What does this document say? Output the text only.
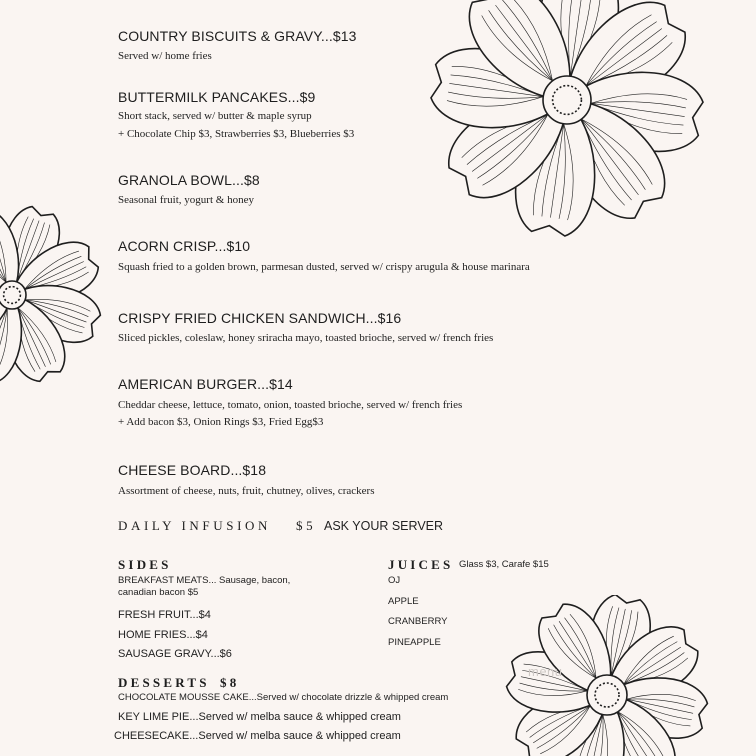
COUNTRY BISCUITS & GRAVY...$13

Served w/ home fries

BUTTERMILK PANCAKES...$9

Short stack, served w/ butter & maple syrup

+ Chocolate Chip $3, Strawberries $3, Blueberries $3

GRANOLA BOWL...$8

Seasonal fruit, yogurt & honey

ACORN CRISP...$10

Squash fried to a golden brown, parmesan dusted, served w/ crispy arugula & house marinara

CRISPY FRIED CHICKEN SANDWICH...$16

Sliced pickles, coleslaw, honey sriracha mayo, toasted brioche, served w/ french fries

AMERICAN BURGER...$14

Cheddar cheese, lettuce, tomato, onion, toasted brioche, served w/ french fries

+ Add bacon $3, Onion Rings $3, Fried Egg$3

CHEESE BOARD...$18

Assortment of cheese, nuts, fruit, chutney, olives, crackers

DAILY INFUSION $5 ASK YOUR SERVER

SIDES

BREAKFAST MEATS... Sausage, bacon,

canadian bacon $5

FRESH FRUIT...$4

HOME FRIES...$4

SAUSAGE GRAVY...$6

JUICES Glass $3, Carafe $15

OJ

APPLE

CRANBERRY

PINEAPPLE

menu

DESSERTS $8

CHOCOLATE MOUSSE CAKE...Served w/ chocolate drizzle & whipped cream

KEY LIME PIE...Served w/ melba sauce & whipped cream

CHEESECAKE...Served w/ melba sauce & whipped cream
